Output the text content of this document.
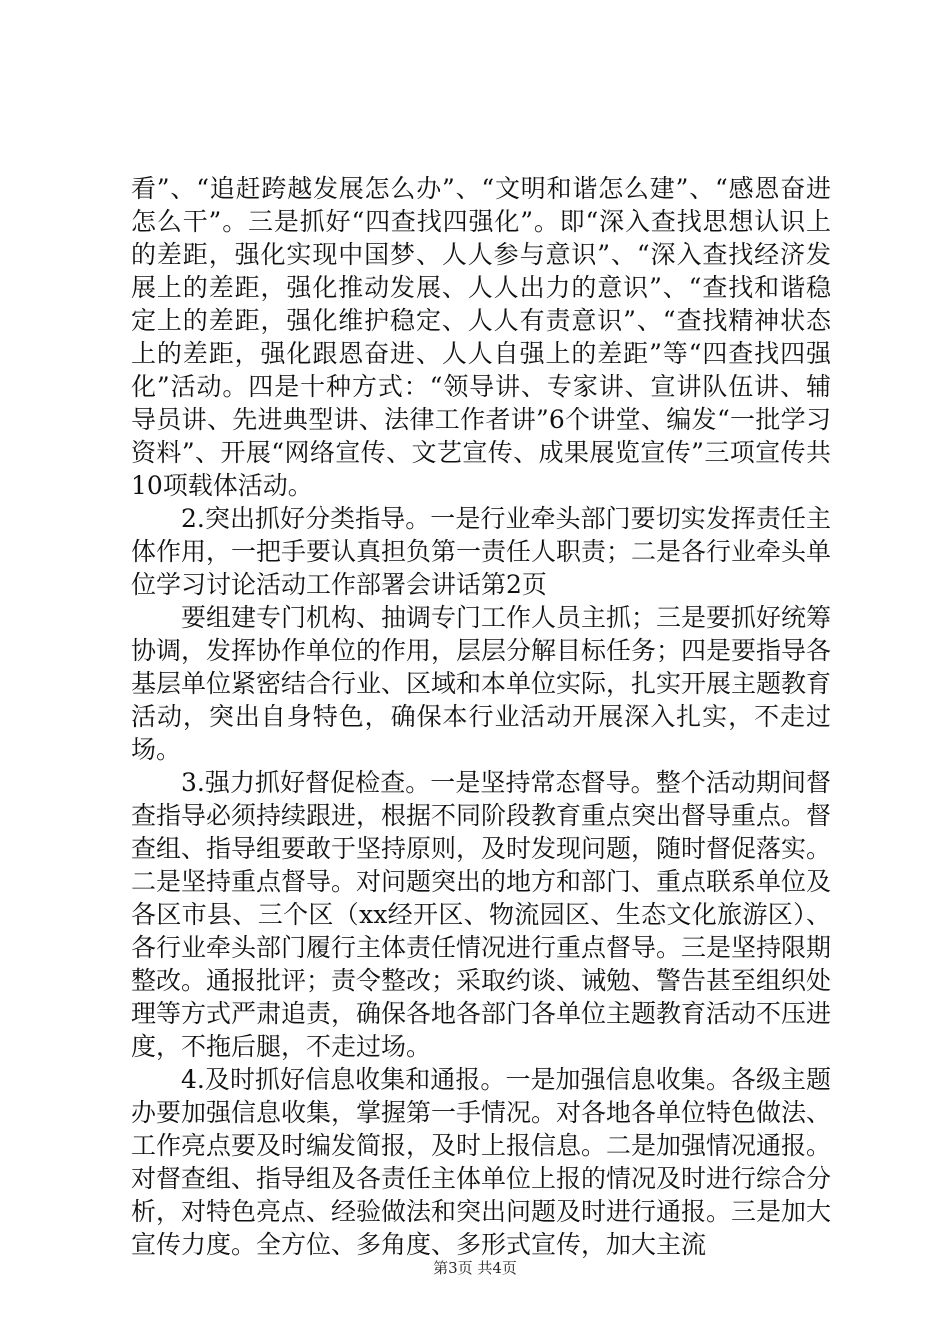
看”、“追赶跨越发展怎么办”、“文明和谐怎么建”、“感恩奋进怎么干”。三是抓好“四查找四强化”。即“深入查找思想认识上的差距，强化实现中国梦、人人参与意识”、“深入查找经济发展上的差距，强化推动发展、人人出力的意识”、“查找和谐稳定上的差距，强化维护稳定、人人有责意识”、“查找精神状态上的差距，强化跟恩奋进、人人自强上的差距”等“四查找四强化”活动。四是十种方式：“领导讲、专家讲、宣讲队伍讲、辅导员讲、先进典型讲、法律工作者讲”6个讲堂、编发“一批学习资料”、开展“网络宣传、文艺宣传、成果展览宣传”三项宣传共10项载体活动。

2.突出抓好分类指导。一是行业牵头部门要切实发挥责任主体作用，一把手要认真担负第一责任人职责；二是各行业牵头单位学习讨论活动工作部署会讲话第2页

要组建专门机构、抽调专门工作人员主抓；三是要抓好统筹协调，发挥协作单位的作用，层层分解目标任务；四是要指导各基层单位紧密结合行业、区域和本单位实际，扎实开展主题教育活动，突出自身特色，确保本行业活动开展深入扎实，不走过场。

3.强力抓好督促检查。一是坚持常态督导。整个活动期间督查指导必须持续跟进，根据不同阶段教育重点突出督导重点。督查组、指导组要敢于坚持原则，及时发现问题，随时督促落实。二是坚持重点督导。对问题突出的地方和部门、重点联系单位及各区市县、三个区（xx经开区、物流园区、生态文化旅游区）、各行业牵头部门履行主体责任情况进行重点督导。三是坚持限期整改。通报批评；责令整改；采取约谈、诫勉、警告甚至组织处理等方式严肃追责，确保各地各部门各单位主题教育活动不压进度，不拖后腿，不走过场。

4.及时抓好信息收集和通报。一是加强信息收集。各级主题办要加强信息收集，掌握第一手情况。对各地各单位特色做法、工作亮点要及时编发简报，及时上报信息。二是加强情况通报。对督查组、指导组及各责任主体单位上报的情况及时进行综合分析，对特色亮点、经验做法和突出问题及时进行通报。三是加大宣传力度。全方位、多角度、多形式宣传，加大主流

第3页 共4页
